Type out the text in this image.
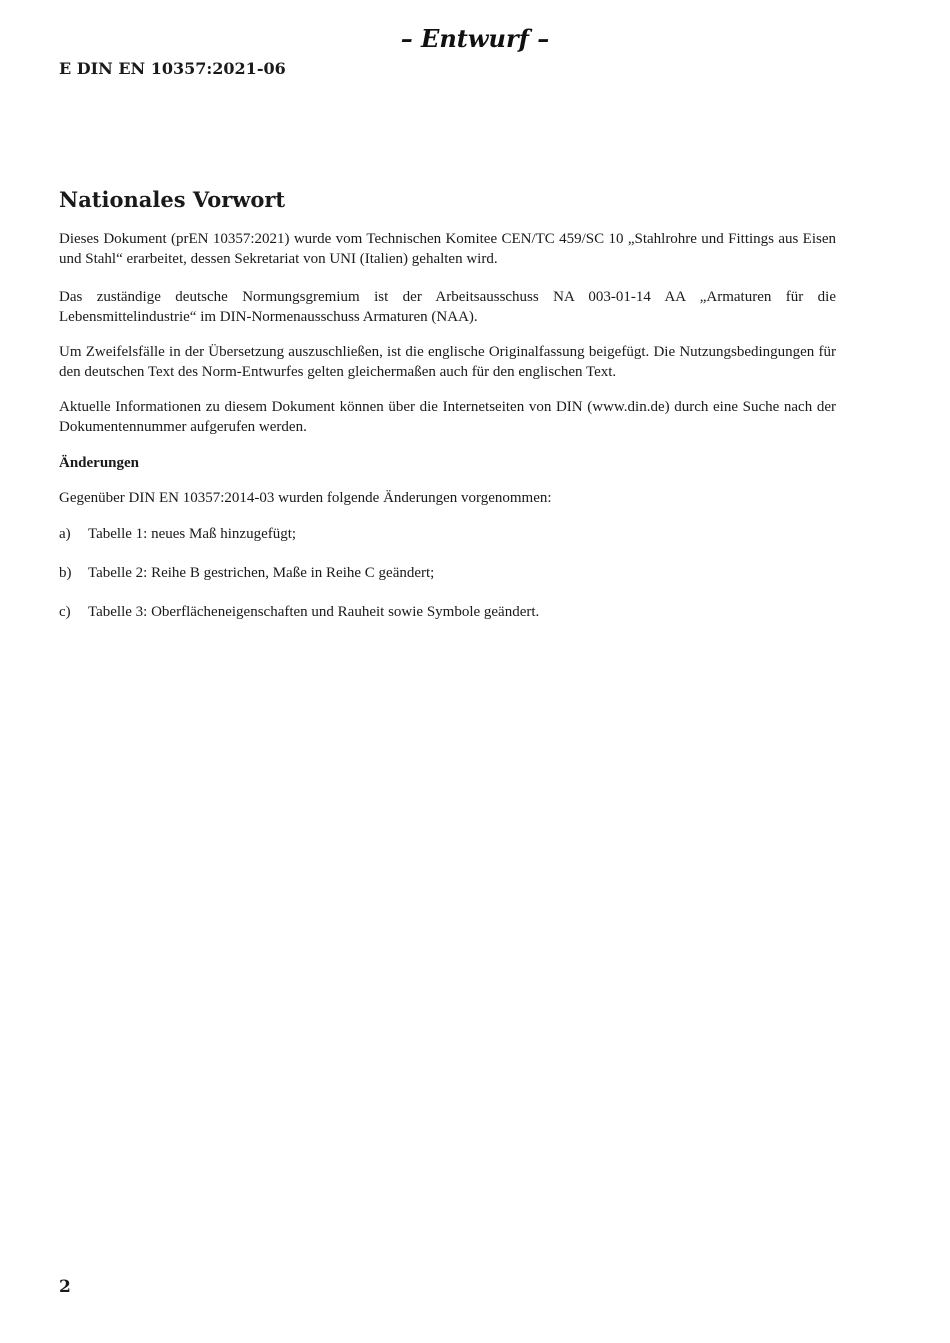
– Entwurf –
E DIN EN 10357:2021-06
Nationales Vorwort

Dieses Dokument (prEN 10357:2021) wurde vom Technischen Komitee CEN/TC 459/SC 10 „Stahlrohre und Fittings aus Eisen und Stahl“ erarbeitet, dessen Sekretariat von UNI (Italien) gehalten wird.

Das zuständige deutsche Normungsgremium ist der Arbeitsausschuss NA 003-01-14 AA „Armaturen für die Lebensmittelindustrie“ im DIN-Normenausschuss Armaturen (NAA).

Um Zweifelsfälle in der Übersetzung auszuschließen, ist die englische Originalfassung beigefügt. Die Nutzungsbedingungen für den deutschen Text des Norm-Entwurfes gelten gleichermaßen auch für den englischen Text.

Aktuelle Informationen zu diesem Dokument können über die Internetseiten von DIN (www.din.de) durch eine Suche nach der Dokumentennummer aufgerufen werden.

Änderungen

Gegenüber DIN EN 10357:2014-03 wurden folgende Änderungen vorgenommen:

a)	Tabelle 1: neues Maß hinzugefügt;
b)	Tabelle 2: Reihe B gestrichen, Maße in Reihe C geändert;
c)	Tabelle 3: Oberflächeneigenschaften und Rauheit sowie Symbole geändert.
2
